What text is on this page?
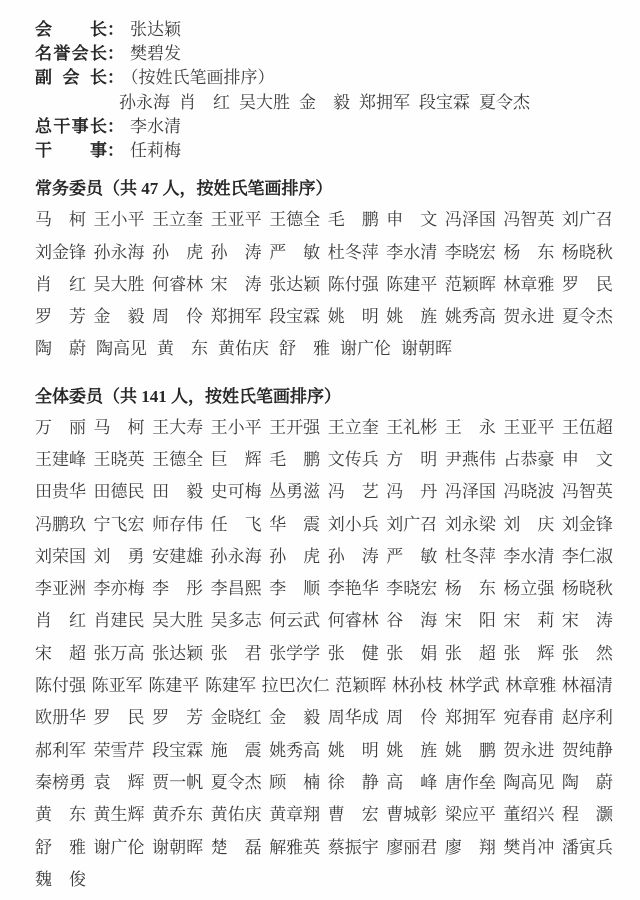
会长： 张达颖
名誉会长： 樊碧发
副会长： （按姓氏笔画排序）
孙永海 肖　红 吴大胜 金　毅 郑拥军 段宝霖 夏令杰
总干事长： 李水清
干事： 任莉梅
常务委员（共 47 人，按姓氏笔画排序）
马　柯 王小平 王立奎 王亚平 王德全 毛　鹏 申　文 冯泽国 冯智英 刘广召
刘金锋 孙永海 孙　虎 孙　涛 严　敏 杜冬萍 李水清 李晓宏 杨　东 杨晓秋
肖　红 吴大胜 何睿林 宋　涛 张达颖 陈付强 陈建平 范颖晖 林章雅 罗　民
罗　芳 金　毅 周　伶 郑拥军 段宝霖 姚　明 姚　旌 姚秀高 贺永进 夏令杰
陶　蔚 陶高见 黄　东 黄佑庆 舒　雅 谢广伦 谢朝晖
全体委员（共 141 人，按姓氏笔画排序）
万　丽 马　柯 王大寿 王小平 王开强 王立奎 王礼彬 王　永 王亚平 王伍超
王建峰 王晓英 王德全 巨　辉 毛　鹏 文传兵 方　明 尹燕伟 占恭豪 申　文
田贵华 田德民 田　毅 史可梅 丛勇滋 冯　艺 冯　丹 冯泽国 冯晓波 冯智英
冯鹏玖 宁飞宏 师存伟 任　飞 华　震 刘小兵 刘广召 刘永梁 刘　庆 刘金锋
刘荣国 刘　勇 安建雄 孙永海 孙　虎 孙　涛 严　敏 杜冬萍 李水清 李仁淑
李亚洲 李亦梅 李　彤 李昌熙 李　顺 李艳华 李晓宏 杨　东 杨立强 杨晓秋
肖　红 肖建民 吴大胜 吴多志 何云武 何睿林 谷　海 宋　阳 宋　莉 宋　涛
宋　超 张万高 张达颖 张　君 张学学 张　健 张　娟 张　超 张　辉 张　然
陈付强 陈亚军 陈建平 陈建军 拉巴次仁 范颖晖 林孙枝 林学武 林章雅 林福清
欧册华 罗　民 罗　芳 金晓红 金　毅 周华成 周　伶 郑拥军 宛春甫 赵序利
郝利军 荣雪芹 段宝霖 施　震 姚秀高 姚　明 姚　旌 姚　鹏 贺永进 贺纯静
秦榜勇 袁　辉 贾一帆 夏令杰 顾　楠 徐　静 高　峰 唐作垒 陶高见 陶　蔚
黄　东 黄生辉 黄乔东 黄佑庆 黄章翔 曹　宏 曹城彰 梁应平 董绍兴 程　灏
舒　雅 谢广伦 谢朝晖 楚　磊 解雅英 蔡振宇 廖丽君 廖　翔 樊肖冲 潘寅兵
魏　俊
